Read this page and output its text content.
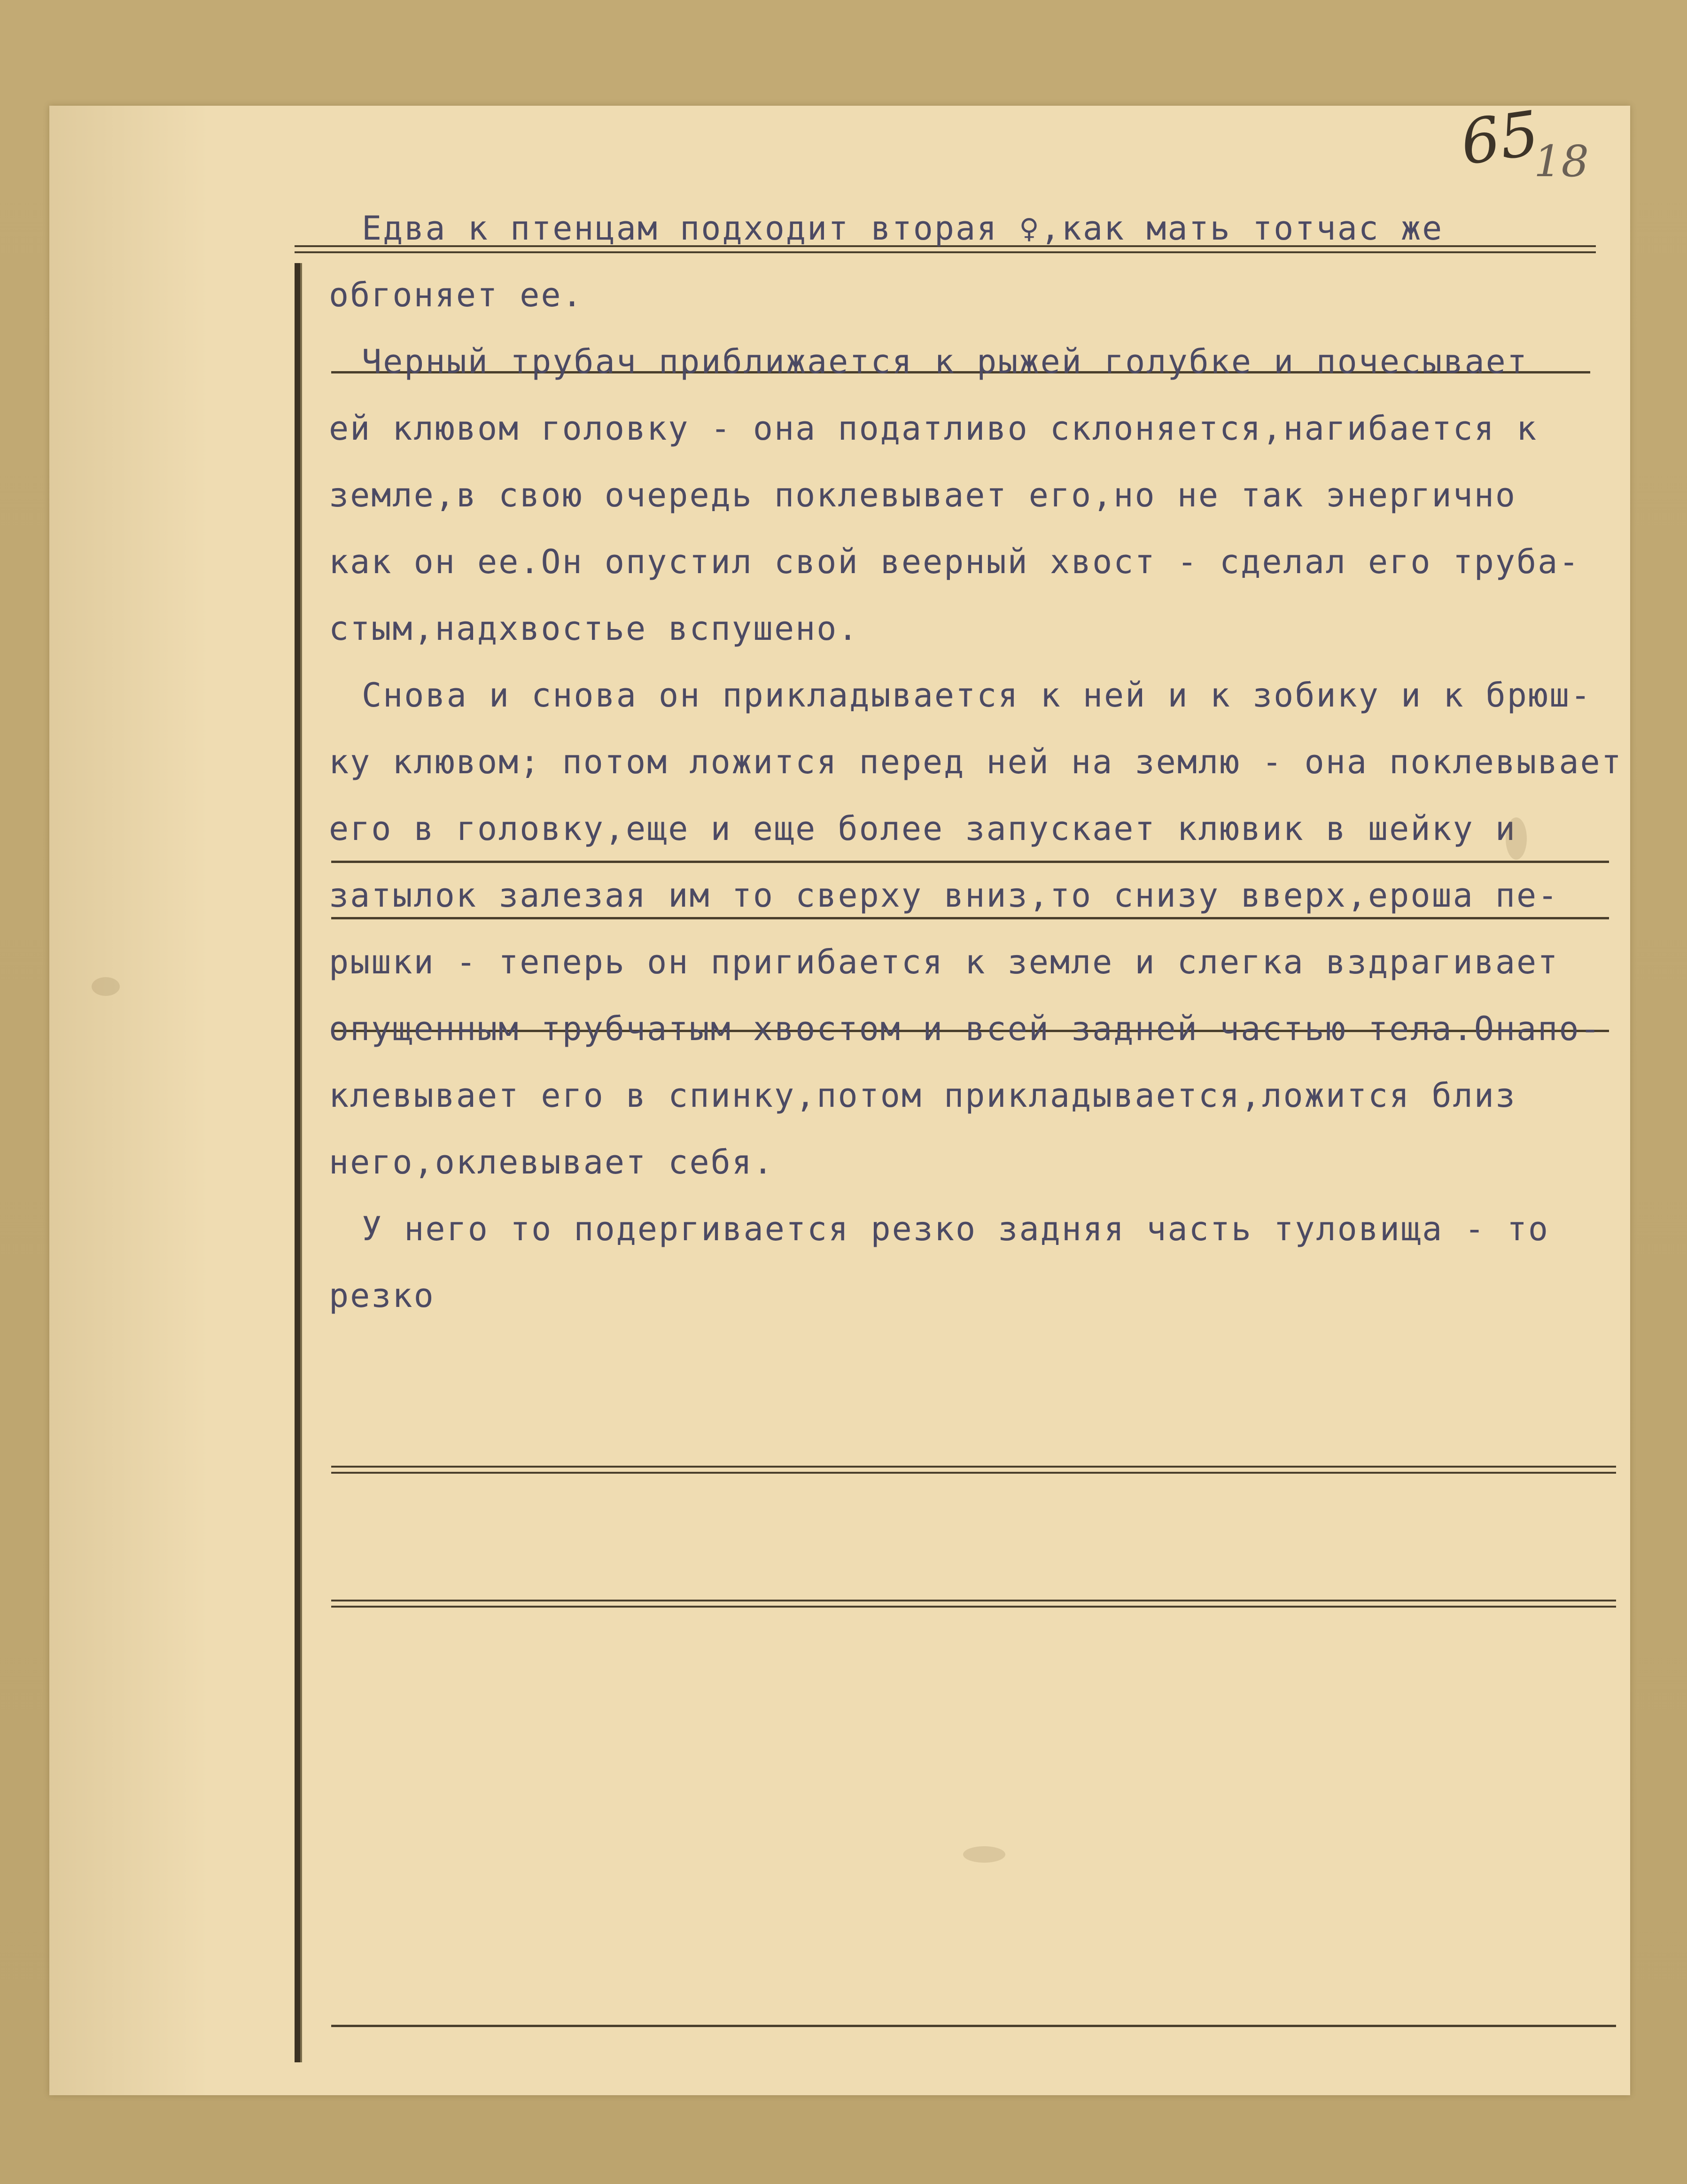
65
18
Едва к птенцам подходит вторая ♀,как мать тотчас же
обгоняет ее.
Черный трубач приближается к рыжей голубке и почесывает
ей клювом головку - она податливо склоняется,нагибается к
земле,в свою очередь поклевывает его,но не так энергично
как он ее.Он опустил свой веерный хвост - сделал его труба-
стым,надхвостье вспушено.
Снова и снова он прикладывается к ней и к зобику и к брюш-
ку клювом; потом ложится перед ней на землю - она поклевывает
его в головку,еще и еще более запускает клювик в шейку и
затылок залезая им то сверху вниз,то снизу вверх,ероша пе-
рышки - теперь он пригибается к земле и слегка вздрагивает
опущенным трубчатым хвостом и всей задней частью тела.Онапо-
клевывает его в спинку,потом прикладывается,ложится близ
него,оклевывает себя.
У него то подергивается резко задняя часть туловища - то
резко
